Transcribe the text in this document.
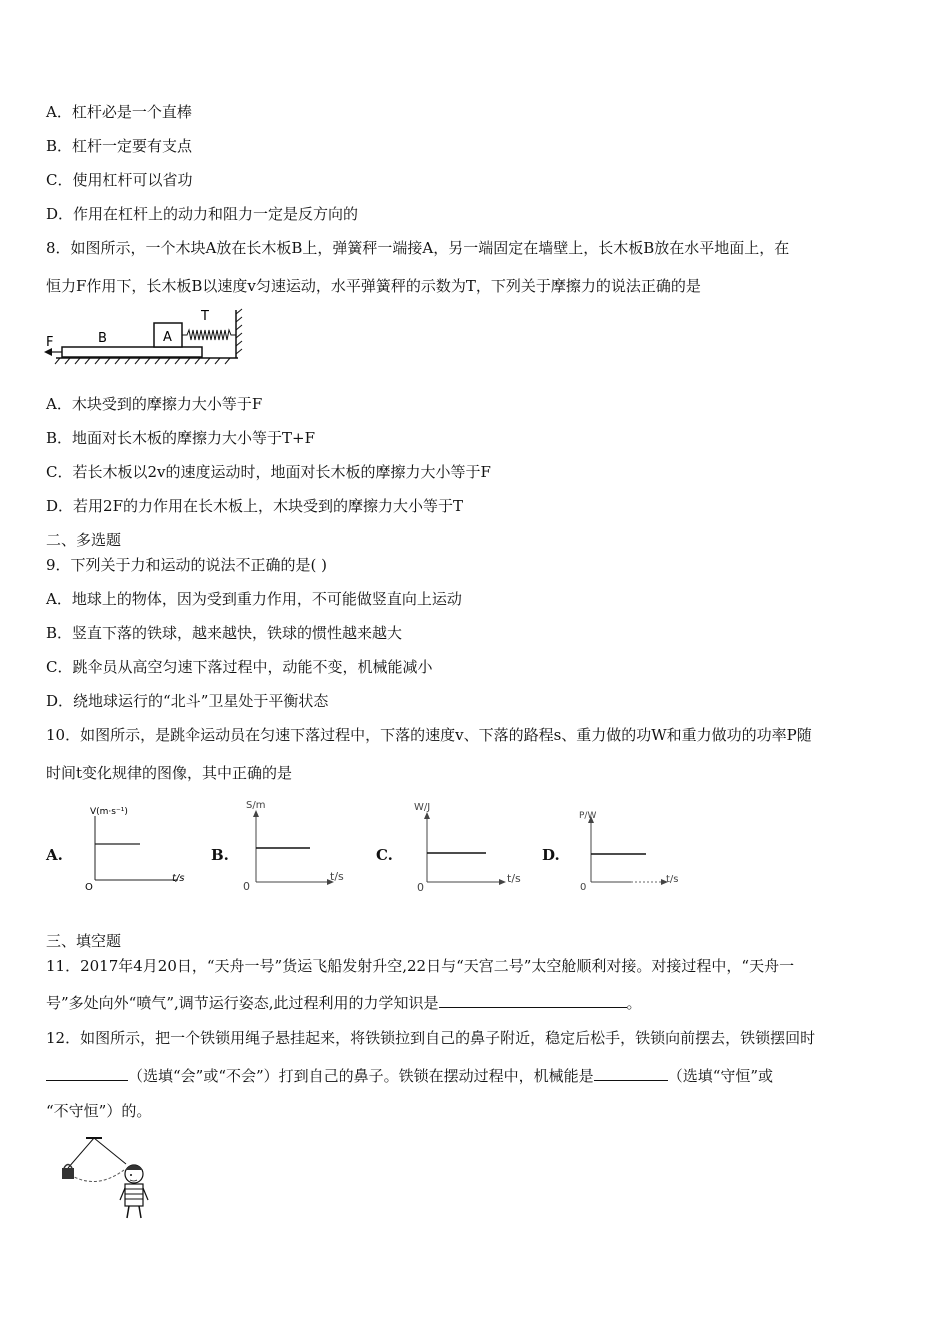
A．杠杆必是一个直棒
B．杠杆一定要有支点
C．使用杠杆可以省功
D．作用在杠杆上的动力和阻力一定是反方向的
8．如图所示，一个木块A放在长木板B上，弹簧秤一端接A，另一端固定在墙壁上，长木板B放在水平地面上，在
恒力F作用下，长木板B以速度v匀速运动，水平弹簧秤的示数为T，下列关于摩擦力的说法正确的是
F	B	A
T
A．木块受到的摩擦力大小等于F
B．地面对长木板的摩擦力大小等于T+F
C．若长木板以2v的速度运动时，地面对长木板的摩擦力大小等于F
D．若用2F的力作用在长木板上，木块受到的摩擦力大小等于T
二、多选题
9．下列关于力和运动的说法不正确的是( )
A．地球上的物体，因为受到重力作用，不可能做竖直向上运动
B．竖直下落的铁球，越来越快，铁球的惯性越来越大
C．跳伞员从高空匀速下落过程中，动能不变，机械能减小
D．绕地球运行的“北斗”卫星处于平衡状态
10．如图所示，是跳伞运动员在匀速下落过程中，下落的速度v、下落的路程s、重力做的功W和重力做功的功率P随
时间t变化规律的图像，其中正确的是
A.
V(m·s⁻¹)
t/s
O
B.
S/m
t/s
0
C.
W/J
t/s
0
D.
P/W
t/s
0
三、填空题
11．2017年4月20日，“天舟一号”货运飞船发射升空,22日与“天宫二号”太空舱顺利对接。对接过程中，“天舟一
号”多处向外“喷气”,调节运行姿态,此过程利用的力学知识是	。
12．如图所示，把一个铁锁用绳子悬挂起来，将铁锁拉到自己的鼻子附近，稳定后松手，铁锁向前摆去，铁锁摆回时
（选填“会”或“不会”）打到自己的鼻子。铁锁在摆动过程中，机械能是	（选填“守恒”或
“不守恒”）的。
